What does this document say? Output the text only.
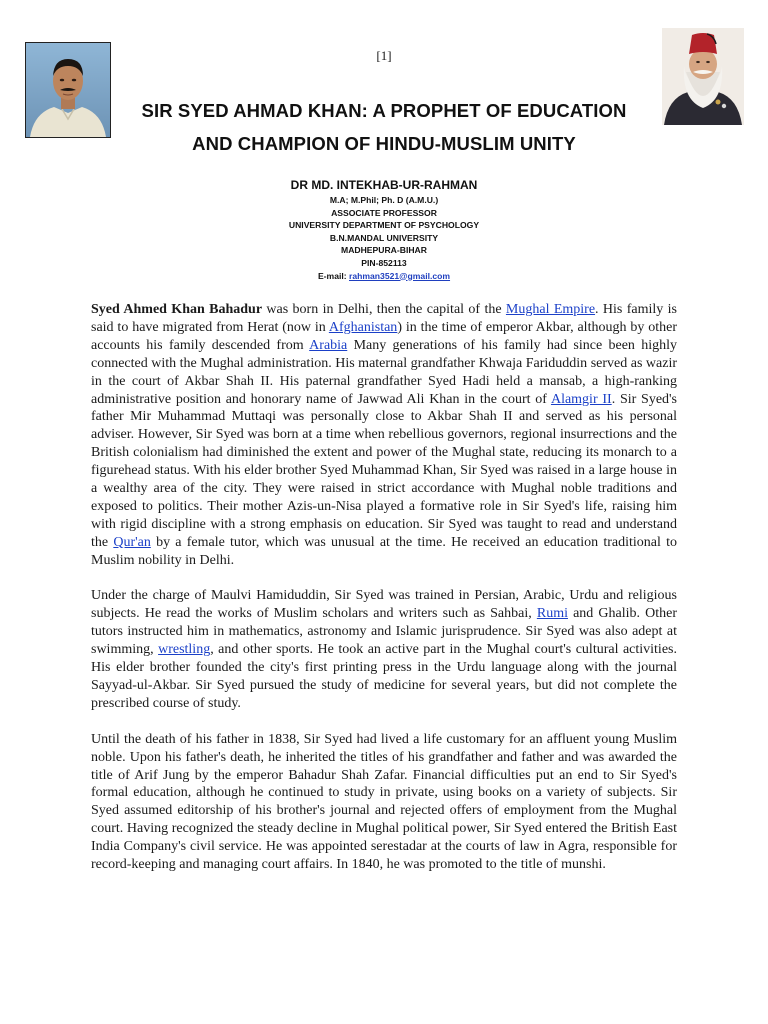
[1]
SIR SYED AHMAD KHAN: A PROPHET OF EDUCATION
AND CHAMPION OF HINDU-MUSLIM UNITY
DR MD. INTEKHAB-UR-RAHMAN
M.A; M.Phil; Ph. D (A.M.U.)
ASSOCIATE PROFESSOR
UNIVERSITY DEPARTMENT OF PSYCHOLOGY
B.N.MANDAL UNIVERSITY
MADHEPURA-BIHAR
PIN-852113
E-mail: rahman3521@gmail.com

Syed Ahmed Khan Bahadur was born in Delhi, then the capital of the Mughal Empire. His family is said to have migrated from Herat (now in Afghanistan) in the time of emperor Akbar, although by other accounts his family descended from Arabia Many generations of his family had since been highly connected with the Mughal administration. His maternal grandfather Khwaja Fariduddin served as wazir in the court of Akbar Shah II. His paternal grandfather Syed Hadi held a mansab, a high-ranking administrative position and honorary name of Jawwad Ali Khan in the court of Alamgir II. Sir Syed's father Mir Muhammad Muttaqi was personally close to Akbar Shah II and served as his personal adviser. However, Sir Syed was born at a time when rebellious governors, regional insurrections and the British colonialism had diminished the extent and power of the Mughal state, reducing its monarch to a figurehead status. With his elder brother Syed Muhammad Khan, Sir Syed was raised in a large house in a wealthy area of the city. They were raised in strict accordance with Mughal noble traditions and exposed to politics. Their mother Azis-un-Nisa played a formative role in Sir Syed's life, raising him with rigid discipline with a strong emphasis on education. Sir Syed was taught to read and understand the Qur'an by a female tutor, which was unusual at the time. He received an education traditional to Muslim nobility in Delhi.

Under the charge of Maulvi Hamiduddin, Sir Syed was trained in Persian, Arabic, Urdu and religious subjects. He read the works of Muslim scholars and writers such as Sahbai, Rumi and Ghalib. Other tutors instructed him in mathematics, astronomy and Islamic jurisprudence. Sir Syed was also adept at swimming, wrestling, and other sports. He took an active part in the Mughal court's cultural activities. His elder brother founded the city's first printing press in the Urdu language along with the journal Sayyad-ul-Akbar. Sir Syed pursued the study of medicine for several years, but did not complete the prescribed course of study.

Until the death of his father in 1838, Sir Syed had lived a life customary for an affluent young Muslim noble. Upon his father's death, he inherited the titles of his grandfather and father and was awarded the title of Arif Jung by the emperor Bahadur Shah Zafar. Financial difficulties put an end to Sir Syed's formal education, although he continued to study in private, using books on a variety of subjects. Sir Syed assumed editorship of his brother's journal and rejected offers of employment from the Mughal court. Having recognized the steady decline in Mughal political power, Sir Syed entered the British East India Company's civil service. He was appointed serestadar at the courts of law in Agra, responsible for record-keeping and managing court affairs. In 1840, he was promoted to the title of munshi.
